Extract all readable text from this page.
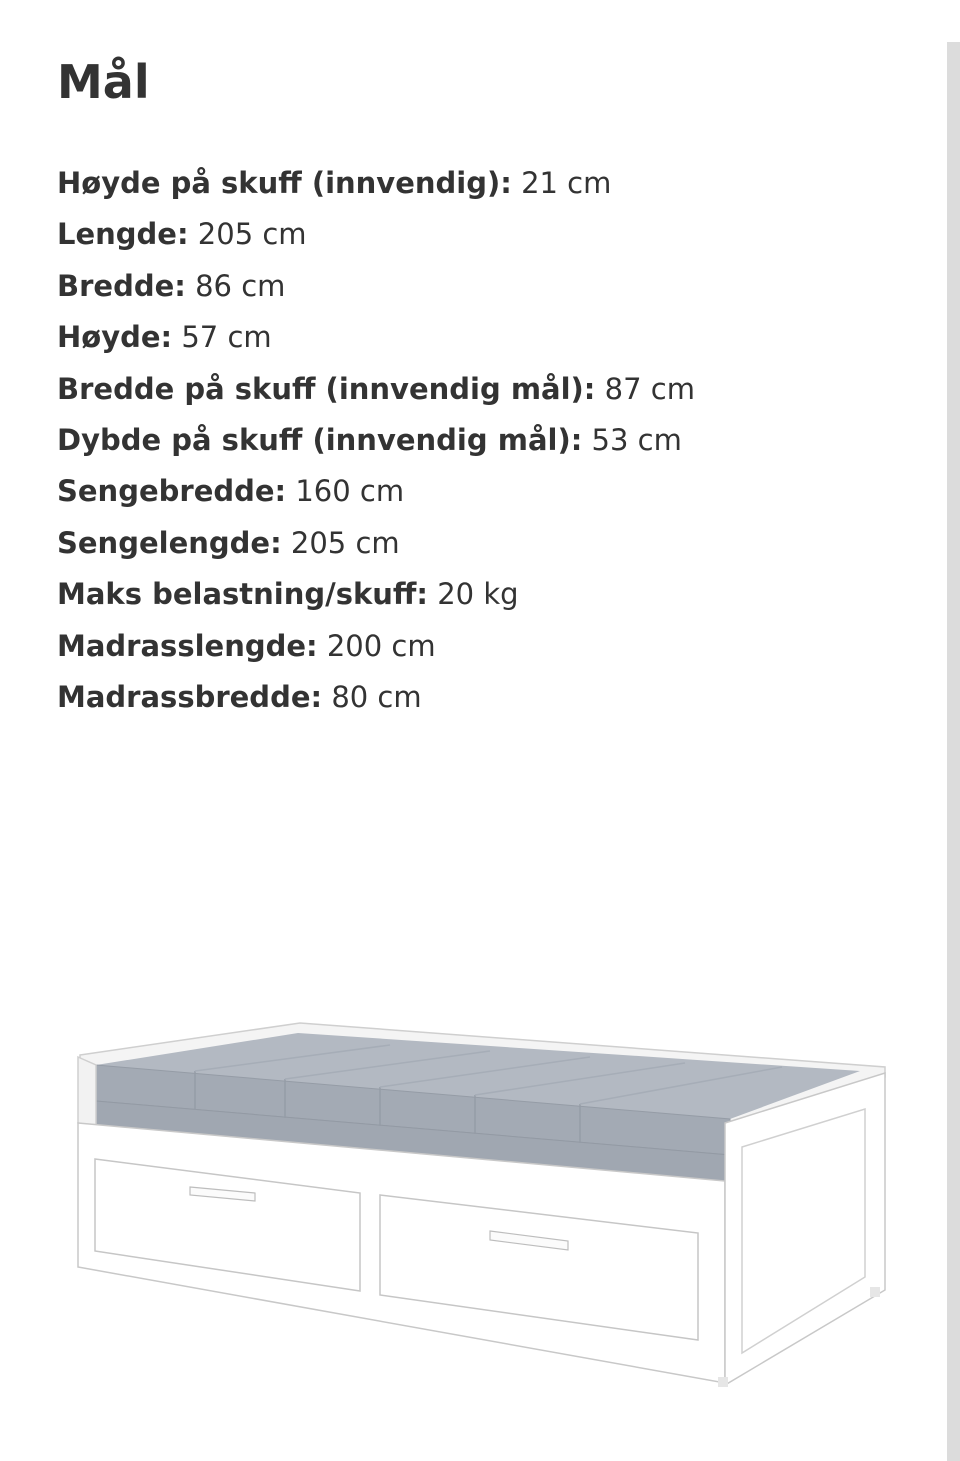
Mål
Høyde på skuff (innvendig): 21 cm
Lengde: 205 cm
Bredde: 86 cm
Høyde: 57 cm
Bredde på skuff (innvendig mål): 87 cm
Dybde på skuff (innvendig mål): 53 cm
Sengebredde: 160 cm
Sengelengde: 205 cm
Maks belastning/skuff: 20 kg
Madrasslengde: 200 cm
Madrassbredde: 80 cm
